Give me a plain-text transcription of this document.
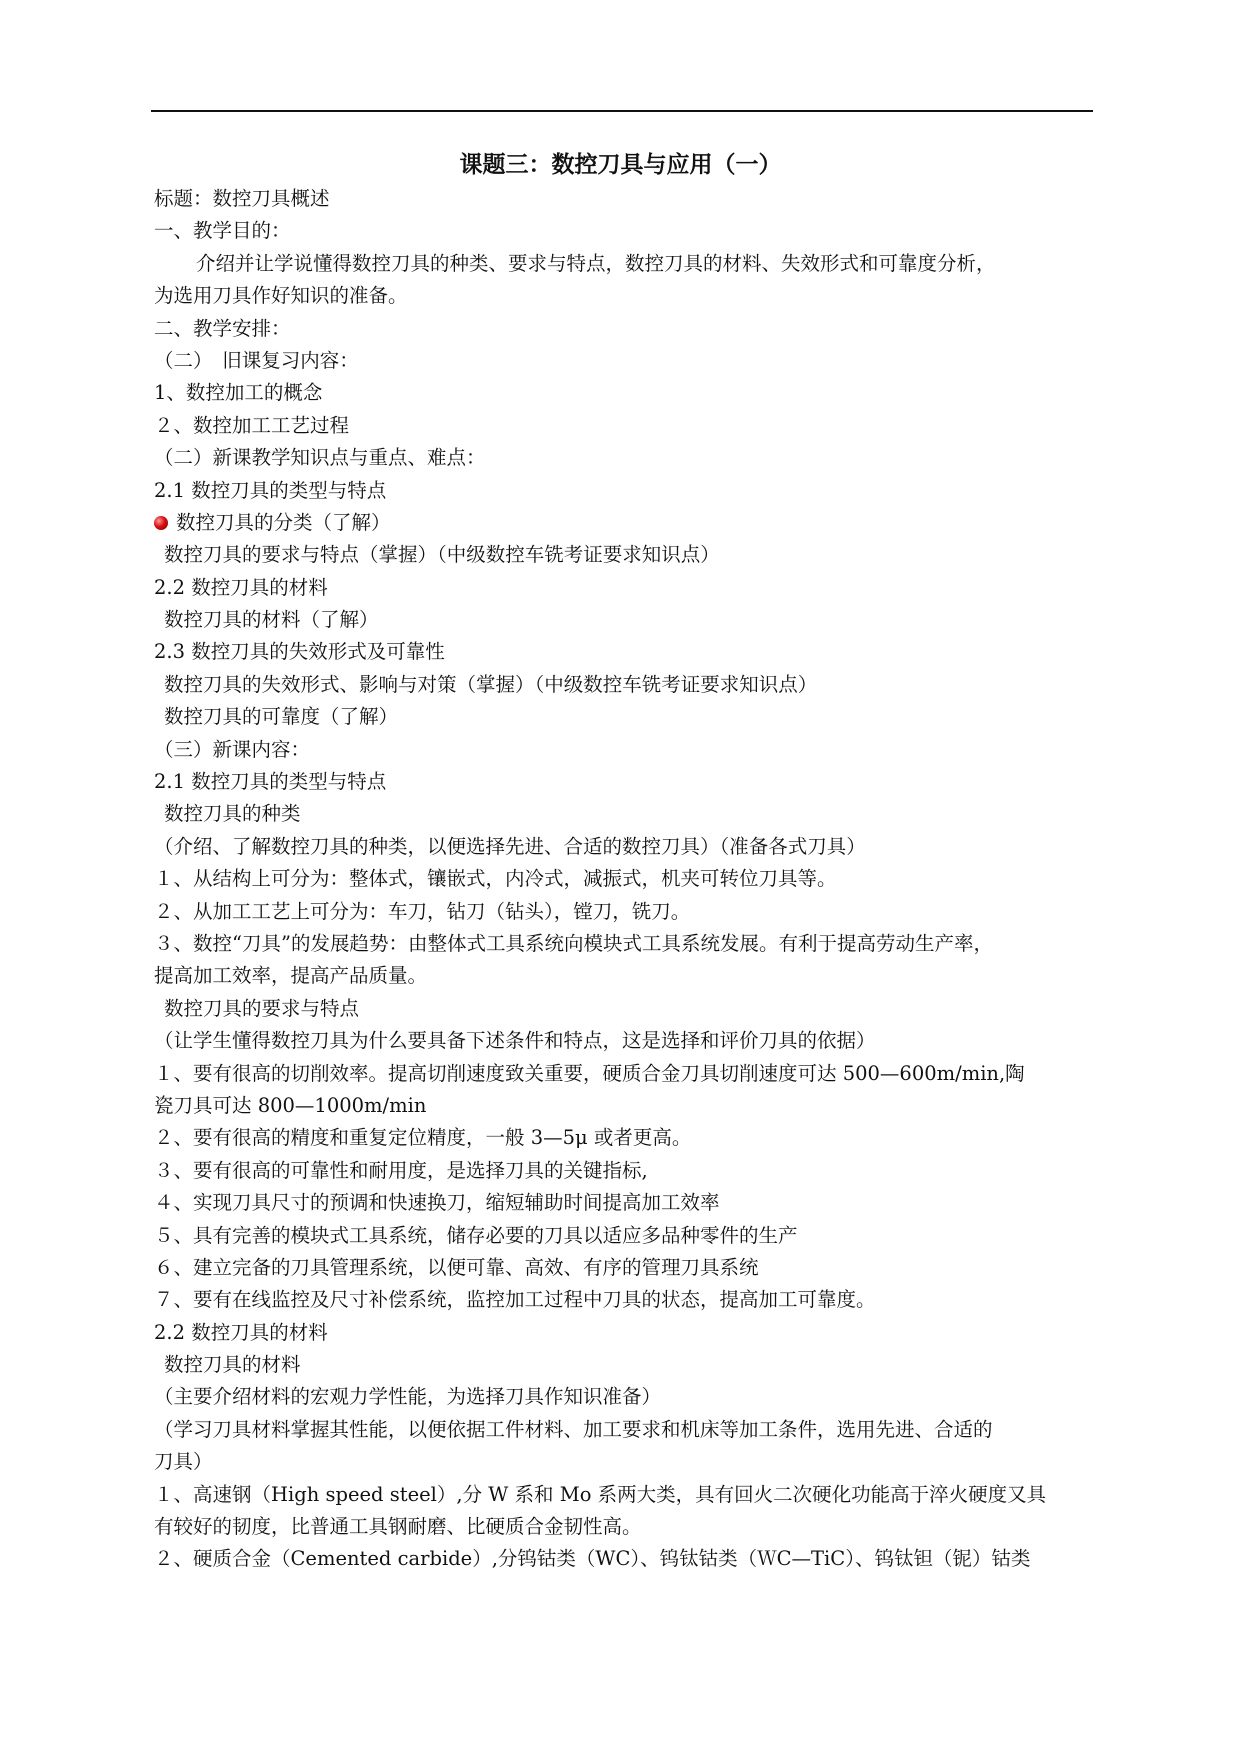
课题三：数控刀具与应用（一）
标题：数控刀具概述
一、教学目的：
介绍并让学说懂得数控刀具的种类、要求与特点，数控刀具的材料、失效形式和可靠度分析，
为选用刀具作好知识的准备。
二、教学安排：
（二）　旧课复习内容：
1、数控加工的概念
２、数控加工工艺过程
（二）新课教学知识点与重点、难点：
2.1 数控刀具的类型与特点
数控刀具的分类（了解）
数控刀具的要求与特点（掌握）（中级数控车铣考证要求知识点）
2.2 数控刀具的材料
数控刀具的材料（了解）
2.3 数控刀具的失效形式及可靠性
数控刀具的失效形式、影响与对策（掌握）（中级数控车铣考证要求知识点）
数控刀具的可靠度（了解）
（三）新课内容：
2.1 数控刀具的类型与特点
数控刀具的种类
（介绍、了解数控刀具的种类，以便选择先进、合适的数控刀具）（准备各式刀具）
１、从结构上可分为：整体式，镶嵌式，内冷式，减振式，机夹可转位刀具等。
２、从加工工艺上可分为：车刀，钻刀（钻头），镗刀，铣刀。
３、数控“刀具”的发展趋势：由整体式工具系统向模块式工具系统发展。有利于提高劳动生产率，
提高加工效率，提高产品质量。
数控刀具的要求与特点
（让学生懂得数控刀具为什么要具备下述条件和特点，这是选择和评价刀具的依据）
１、要有很高的切削效率。提高切削速度致关重要，硬质合金刀具切削速度可达 500—600m/min,陶
瓷刀具可达 800—1000m/min
２、要有很高的精度和重复定位精度，一般 3—5μ 或者更高。
３、要有很高的可靠性和耐用度，是选择刀具的关键指标,
４、实现刀具尺寸的预调和快速换刀，缩短辅助时间提高加工效率
５、具有完善的模块式工具系统，储存必要的刀具以适应多品种零件的生产
６、建立完备的刀具管理系统，以便可靠、高效、有序的管理刀具系统
７、要有在线监控及尺寸补偿系统，监控加工过程中刀具的状态，提高加工可靠度。
2.2 数控刀具的材料
数控刀具的材料
（主要介绍材料的宏观力学性能，为选择刀具作知识准备）
（学习刀具材料掌握其性能，以便依据工件材料、加工要求和机床等加工条件，选用先进、合适的
刀具）
１、高速钢（High speed steel）,分 W 系和 Mo 系两大类，具有回火二次硬化功能高于淬火硬度又具
有较好的韧度，比普通工具钢耐磨、比硬质合金韧性高。
２、硬质合金（Cemented carbide）,分钨钴类（WC）、钨钛钴类（ＷC—TiC）、钨钛钽（铌）钴类
